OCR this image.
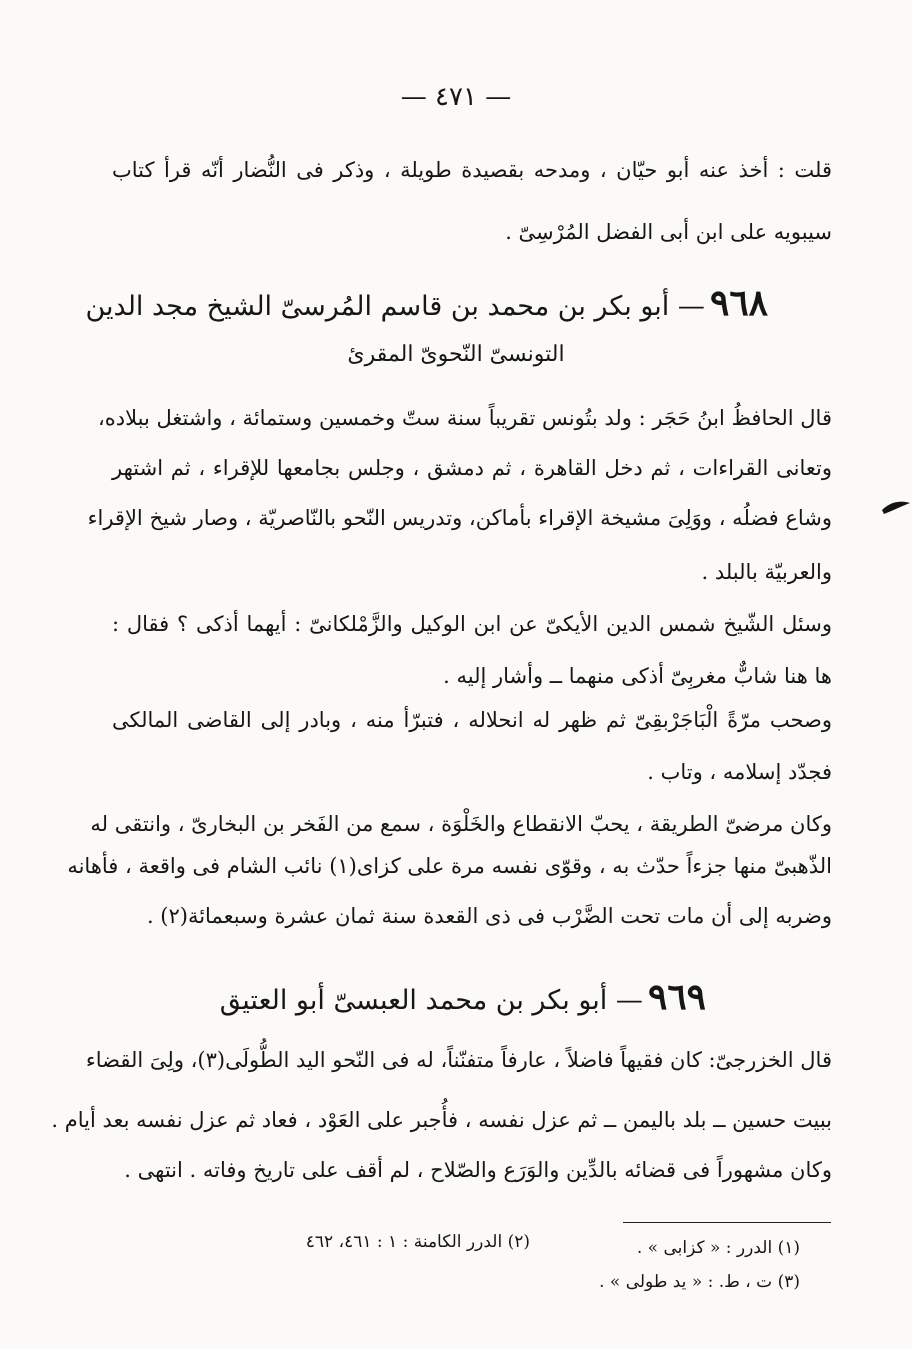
— ٤٧١ —
قلت : أخذ عنه أبو حيّان ، ومدحه بقصيدة طويلة ، وذكر فى النُّضار أنّه قرأ كتاب
سيبويه على ابن أبى الفضل المُرْسِىّ .
٩٦٨ — أبو بكر بن محمد بن قاسم المُرسىّ الشيخ مجد الدين
التونسىّ النّحوىّ المقرئ
قال الحافظُ ابنُ حَجَر : ولد بتُونس تقريباً سنة ستّ وخمسين وستمائة ، واشتغل ببلاده،
وتعانى القراءات ، ثم دخل القاهرة ، ثم دمشق ، وجلس بجامعها للإقراء ، ثم اشتهر
وشاع فضلُه ، ووَلِىَ مشيخة الإقراء بأماكن، وتدريس النّحو بالنّاصريّة ، وصار شيخ الإقراء
والعربيّة بالبلد .
وسئل الشّيخ شمس الدين الأيكىّ عن ابن الوكيل والزَّمْلكانىّ : أيهما أذكى ؟ فقال :
ها هنا شابٌّ مغربِىّ أذكى منهما ــ وأشار إليه .
وصحب مرّةً الْبَاجَرْبقِىّ ثم ظهر له انحلاله ، فتبرّأ منه ، وبادر إلى القاضى المالكى
فجدّد إسلامه ، وتاب .
وكان مرضىّ الطريقة ، يحبّ الانقطاع والخَلْوَة ، سمع من الفَخر بن البخارىّ ، وانتقى له
الذّهبىّ منها جزءاً حدّث به ، وقوّى نفسه مرة على كزاى(١) نائب الشام فى واقعة ، فأهانه
وضربه إلى أن مات تحت الضَّرْب فى ذى القعدة سنة ثمان عشرة وسبعمائة(٢) .
٩٦٩ — أبو بكر بن محمد العبسىّ أبو العتيق
قال الخزرجىّ: كان فقيهاً فاضلاً ، عارفاً متفنّناً، له فى النّحو اليد الطُّولَى(٣)، ولِىَ القضاء
ببيت حسين ــ بلد باليمن ــ ثم عزل نفسه ، فأُجبر على العَوْد ، فعاد ثم عزل نفسه بعد أيام .
وكان مشهوراً فى قضائه بالدِّين والوَرَع والصّلاح ، لم أقف على تاريخ وفاته . انتهى .
(١) الدرر : « كزابى » .
(٢) الدرر الكامنة : ١ : ٤٦١، ٤٦٢
(٣) ت ، ط. : « يد طولى » .
